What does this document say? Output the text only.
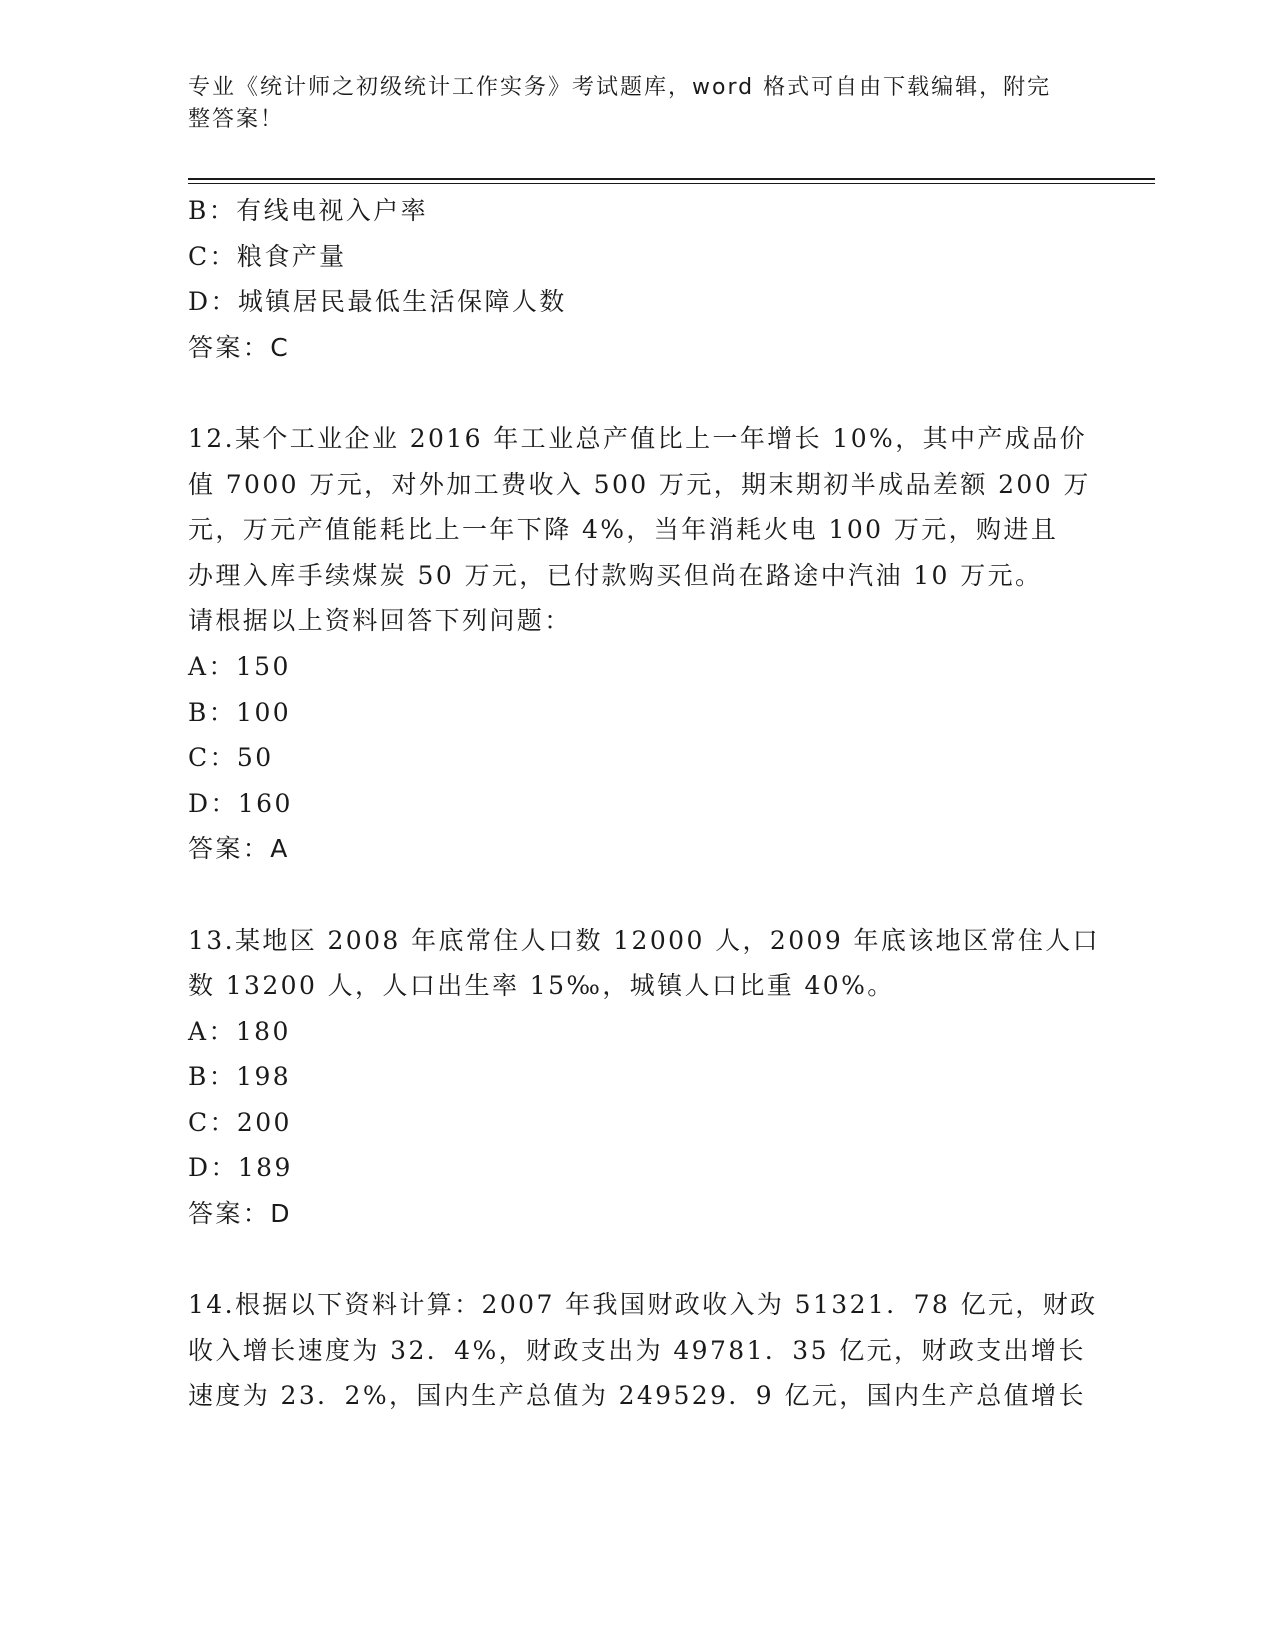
专业《统计师之初级统计工作实务》考试题库，word 格式可自由下载编辑，附完
整答案！
B：有线电视入户率
C：粮食产量
D：城镇居民最低生活保障人数
答案：C
12.某个工业企业 2016 年工业总产值比上一年增长 10%，其中产成品价
值 7000 万元，对外加工费收入 500 万元，期末期初半成品差额 200 万
元，万元产值能耗比上一年下降 4%，当年消耗火电 100 万元，购进且
办理入库手续煤炭 50 万元，已付款购买但尚在路途中汽油 10 万元。
请根据以上资料回答下列问题：
A：150
B：100
C：50
D：160
答案：A
13.某地区 2008 年底常住人口数 12000 人，2009 年底该地区常住人口
数 13200 人，人口出生率 15‰，城镇人口比重 40%。
A：180
B：198
C：200
D：189
答案：D
14.根据以下资料计算：2007 年我国财政收入为 51321．78 亿元，财政
收入增长速度为 32．4%，财政支出为 49781．35 亿元，财政支出增长
速度为 23．2%，国内生产总值为 249529．9 亿元，国内生产总值增长
